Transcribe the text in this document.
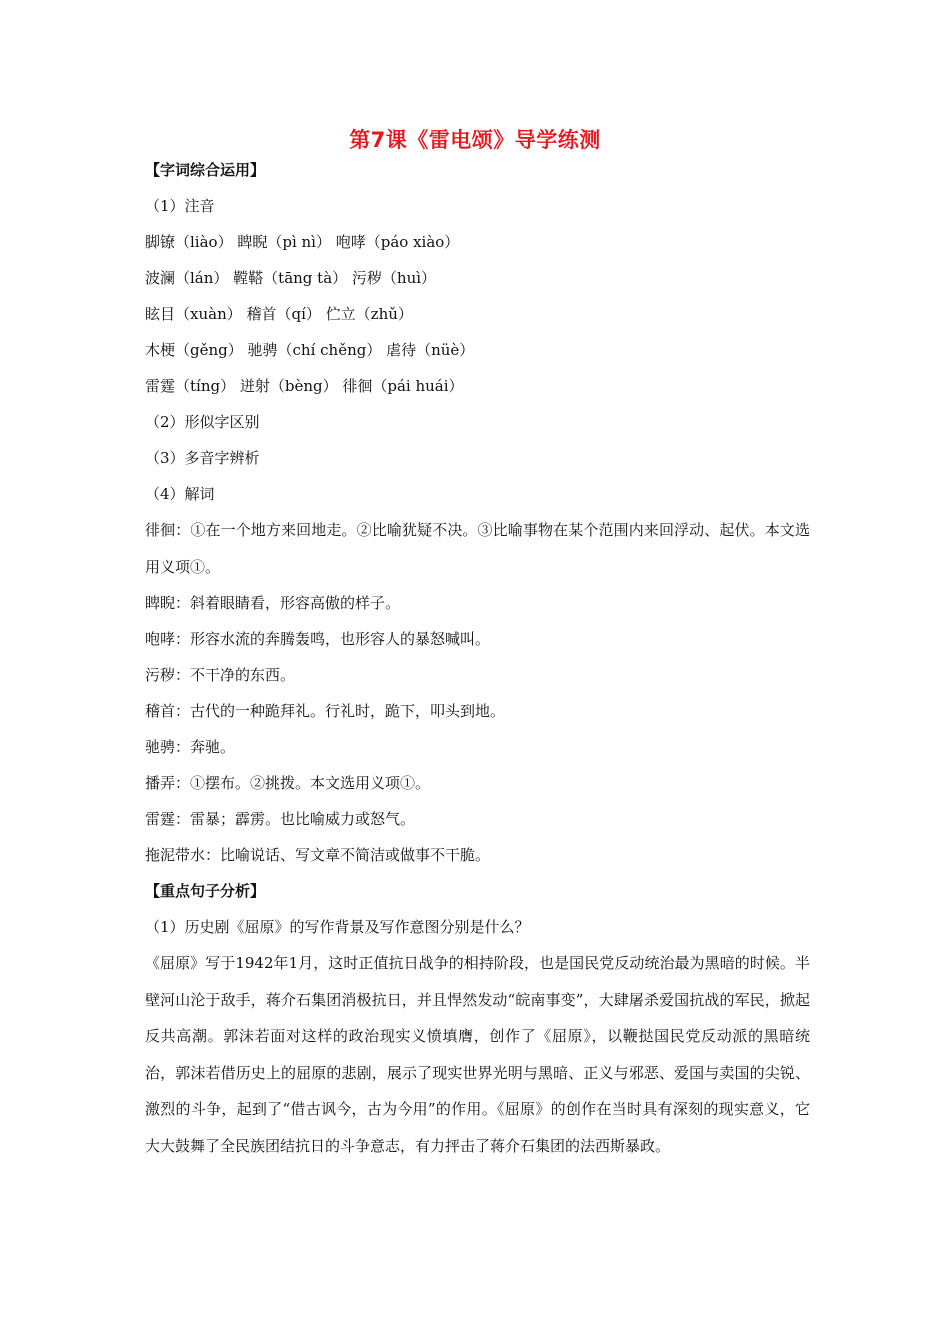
第7课《雷电颂》导学练测
【字词综合运用】
（1）注音
脚镣（liào） 睥睨（pì nì） 咆哮（páo xiào）
波澜（lán） 鞺鞳（tāng tà） 污秽（huì）
眩目（xuàn） 稽首（qí） 伫立（zhǔ）
木梗（gěng） 驰骋（chí chěng） 虐待（nüè）
雷霆（tíng） 迸射（bèng） 徘徊（pái huái）
（2）形似字区别
（3）多音字辨析
（4）解词
徘徊：①在一个地方来回地走。②比喻犹疑不决。③比喻事物在某个范围内来回浮动、起伏。本文选用义项①。
睥睨：斜着眼睛看，形容高傲的样子。
咆哮：形容水流的奔腾轰鸣，也形容人的暴怒喊叫。
污秽：不干净的东西。
稽首：古代的一种跪拜礼。行礼时，跪下，叩头到地。
驰骋：奔驰。
播弄：①摆布。②挑拨。本文选用义项①。
雷霆：雷暴；霹雳。也比喻威力或怒气。
拖泥带水：比喻说话、写文章不简洁或做事不干脆。
【重点句子分析】
（1）历史剧《屈原》的写作背景及写作意图分别是什么？
《屈原》写于1942年1月，这时正值抗日战争的相持阶段，也是国民党反动统治最为黑暗的时候。半壁河山沦于敌手，蒋介石集团消极抗日，并且悍然发动“皖南事变”，大肆屠杀爱国抗战的军民，掀起反共高潮。郭沫若面对这样的政治现实义愤填膺，创作了《屈原》，以鞭挞国民党反动派的黑暗统治，郭沫若借历史上的屈原的悲剧，展示了现实世界光明与黑暗、正义与邪恶、爱国与卖国的尖锐、激烈的斗争，起到了“借古讽今，古为今用”的作用。《屈原》的创作在当时具有深刻的现实意义，它大大鼓舞了全民族团结抗日的斗争意志，有力抨击了蒋介石集团的法西斯暴政。
